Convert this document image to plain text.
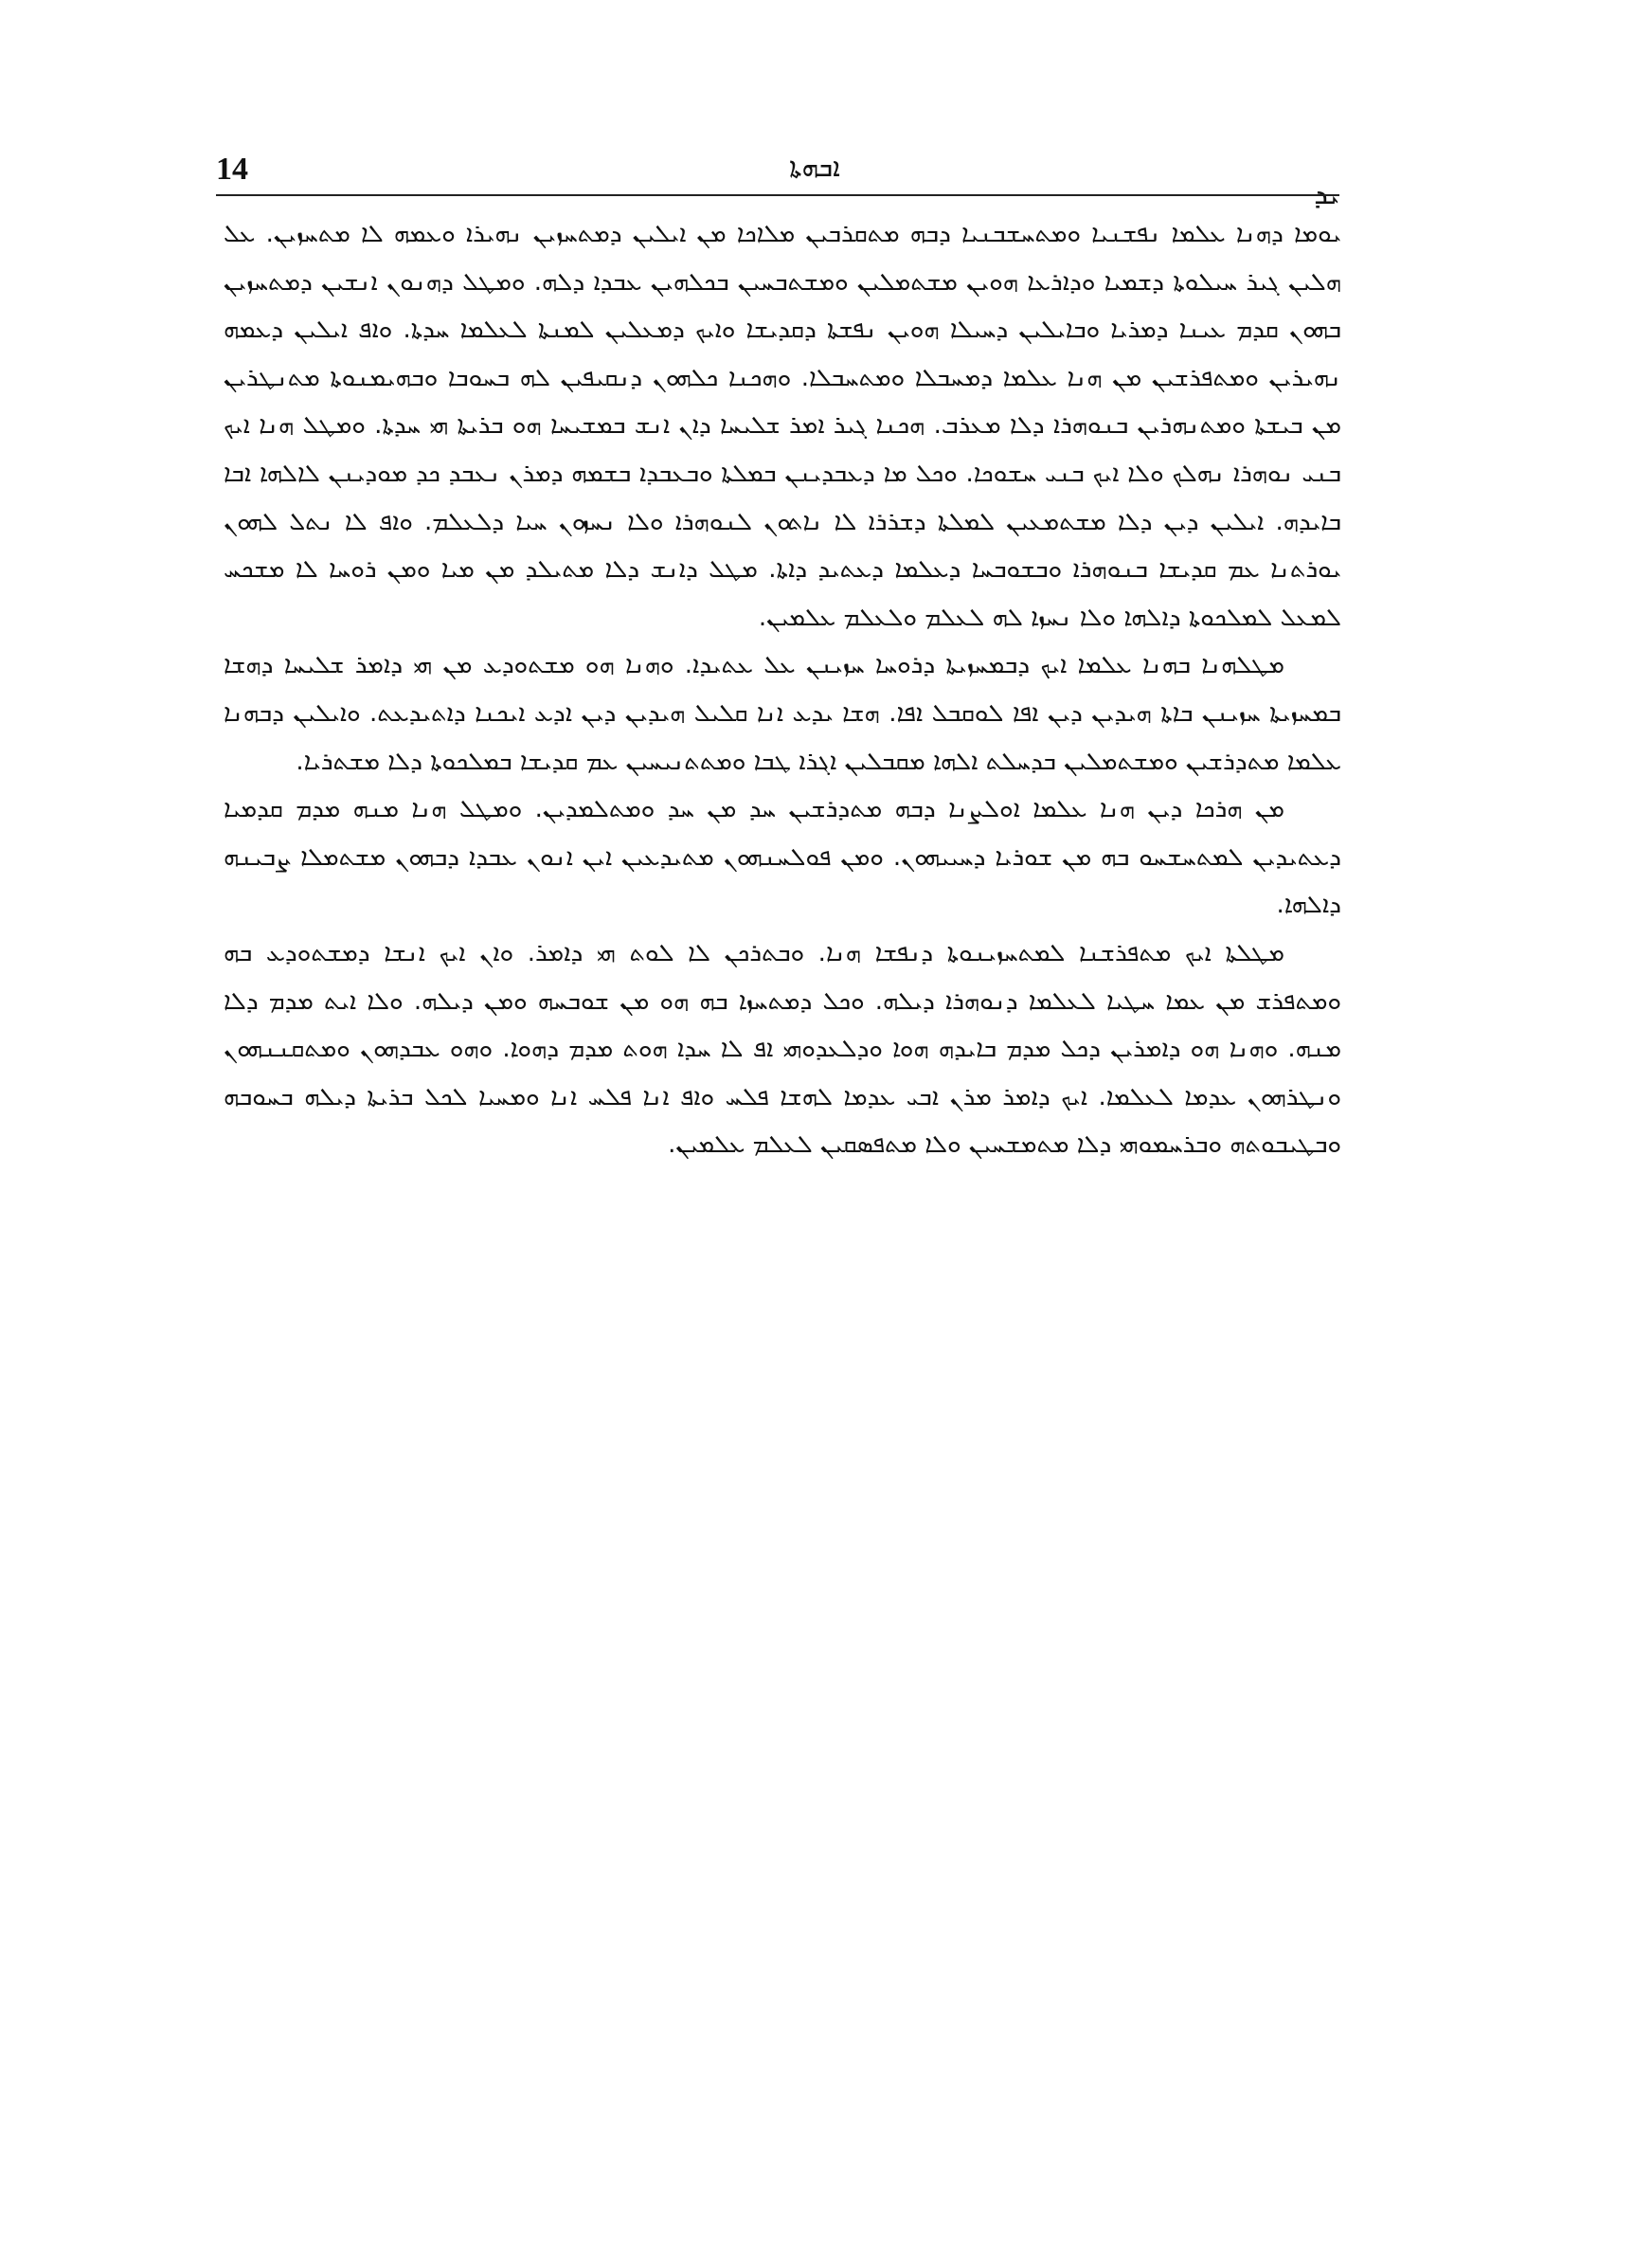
14	ܐܒܗܬܐ
ܝܕ

ܝܘܡܐ ܕܗܢܐ ܥܠܡܐ ܢܦܫܢܝܐ ܘܡܬܚܫܒܢܝܐ ܕܒܗ ܡܬܩܪܒܝܢ ܡܠܐܟܐ ܡܢ ܐܝܠܝܢ ܕܡܬܚܙܝܢ ܢܗܝܪܐ ܘܥܡܗ ܠܐ ܡܬܚܙܝܢ. ܥܠ ܗܠܝܢ ܓܝܪ ܚܝܠܘܬܐ ܕܫܡܝܐ ܘܕܐܪܥܐ ܗܘܝܢ ܡܫܬܡܠܝܢ ܘܡܫܬܒܚܝܢ ܒܟܠܗܝܢ ܥܒܕܐ ܕܠܗ. ܘܡܛܠ ܕܗܢܘܢ ܐܢܫܝܢ ܕܡܬܚܙܝܢ ܒܗܘܢ ܩܕܡ ܥܝܢܐ ܕܡܪܝܐ ܘܒܐܝܠܝܢ ܕܚܝܠܐ ܗܘܝܢ ܢܦܫܬܐ ܕܩܕܝܫܐ ܘܐܝܟ ܕܡܥܠܝܢ ܠܡܢܬܐ ܠܥܠܡܐ ܚܕܬܐ. ܘܐܦ ܐܝܠܝܢ ܕܥܡܗ ܢܗܝܪܝܢ ܘܡܬܦܪܫܝܢ ܡܢ ܗܢܐ ܥܠܡܐ ܕܡܚܒܠܐ ܘܡܬܚܒܠܐ. ܘܗܟܢܐ ܟܠܗܘܢ ܕܢܩܝܦܝܢ ܠܗ ܒܚܘܒܐ ܘܒܗܝܡܢܘܬܐ ܡܬܢܛܪܝܢ ܡܢ ܒܝܫܬܐ ܘܡܬܢܗܪܝܢ ܒܢܘܗܪܐ ܕܠܐ ܡܥܪܒ. ܗܟܢܐ ܓܝܪ ܐܡܪ ܫܠܝܚܐ ܕܐܢ ܐܢܫ ܒܡܫܝܚܐ ܗܘ ܒܪܝܬܐ ܗܝ ܚܕܬܐ. ܘܡܛܠ ܗܢܐ ܐܝܟ ܒܢܝ ܢܘܗܪܐ ܢܗܠܟ ܘܠܐ ܐܝܟ ܒܢܝ ܚܫܘܟܐ. ܘܟܠ ܡܐ ܕܥܒܕܝܢܢ ܒܡܠܬܐ ܘܒܥܒܕܐ ܒܫܡܗ ܕܡܪܢ ܢܥܒܕ ܟܕ ܡܘܕܝܢܢ ܠܐܠܗܐ ܐܒܐ ܒܐܝܕܗ. ܐܝܠܝܢ ܕܝܢ ܕܠܐ ܡܫܬܡܥܝܢ ܠܡܠܬܐ ܕܫܪܪܐ ܠܐ ܢܐܬܘܢ ܠܢܘܗܪܐ ܘܠܐ ܢܚܙܘܢ ܚܝܐ ܕܠܥܠܡ. ܘܐܦ ܠܐ ܢܬܠ ܠܗܘܢ ܝܘܪܬܢܐ ܥܡ ܩܕܝܫܐ ܒܢܘܗܪܐ ܘܒܫܘܒܚܐ ܕܥܠܡܐ ܕܥܬܝܕ ܕܐܬܐ. ܡܛܠ ܕܐܢܫ ܕܠܐ ܡܬܝܠܕ ܡܢ ܡܝܐ ܘܡܢ ܪܘܚܐ ܠܐ ܡܫܟܚ ܠܡܥܠ ܠܡܠܟܘܬܐ ܕܐܠܗܐ ܘܠܐ ܢܚܙܐ ܠܗ ܠܥܠܡ ܘܠܥܠܡ ܥܠܡܝܢ.

ܡܛܠܗܢܐ ܒܗܢܐ ܥܠܡܐ ܐܝܟ ܕܒܡܚܙܝܬܐ ܕܪܘܚܐ ܚܙܝܢܢ ܥܠ ܥܬܝܕܐ. ܘܗܢܐ ܗܘ ܡܫܬܘܕܥ ܡܢ ܗܝ ܕܐܡܪ ܫܠܝܚܐ ܕܗܫܐ ܒܡܚܙܝܬܐ ܚܙܝܢܢ ܒܐܬܐ ܗܝܕܝܢ ܕܝܢ ܐܦܐ ܠܘܩܒܠ ܐܦܐ. ܗܫܐ ܝܕܥ ܐܢܐ ܩܠܝܠ ܗܝܕܝܢ ܕܝܢ ܐܕܥ ܐܝܟܢܐ ܕܐܬܝܕܥܬ. ܘܐܝܠܝܢ ܕܒܗܢܐ ܥܠܡܐ ܡܬܕܪܫܝܢ ܘܡܫܬܡܠܝܢ ܒܕܚܠܬ ܐܠܗܐ ܡܩܒܠܝܢ ܐܓܪܐ ܛܒܐ ܘܡܬܬܢܝܚܝܢ ܥܡ ܩܕܝܫܐ ܒܡܠܟܘܬܐ ܕܠܐ ܡܫܬܪܝܐ.

ܡܢ ܗܪܟܐ ܕܝܢ ܗܢܐ ܥܠܡܐ ܐܘܠܨܢܐ ܕܒܗ ܡܬܕܪܫܝܢ ܚܕ ܡܢ ܚܕ ܘܡܬܠܡܕܝܢ. ܘܡܛܠ ܗܢܐ ܡܢܗ ܡܕܡ ܩܕܡܝܐ ܕܥܬܝܕܝܢ ܠܡܬܚܫܚܘ ܒܗ ܡܢ ܫܘܪܝܐ ܕܚܝܝܗܘܢ. ܘܡܢ ܦܘܠܚܢܗܘܢ ܡܬܝܕܥܝܢ ܐܝܢ ܐܢܘܢ ܥܒܕܐ ܕܒܗܘܢ ܡܫܬܡܠܐ ܨܒܝܢܗ ܕܐܠܗܐ.

ܡܛܠܬܐ ܐܝܟ ܡܬܦܪܫܢܐ ܠܡܬܚܙܝܢܘܬܐ ܕܢܦܫܐ ܗܢܐ. ܘܒܬܪܟܢ ܠܐ ܠܘܬ ܗܝ ܕܐܡܪ. ܘܐܢ ܐܝܟ ܐܢܫܐ ܕܡܫܬܘܕܥ ܒܗ ܘܡܬܦܪܫ ܡܢ ܥܡܐ ܚܛܝܐ ܠܥܠܡܐ ܕܢܘܗܪܐ ܕܝܠܗ. ܘܟܠ ܕܡܬܚܙܐ ܒܗ ܗܘ ܡܢ ܫܘܒܚܗ ܘܡܢ ܕܝܠܗ. ܘܠܐ ܐܝܬ ܡܕܡ ܕܠܐ ܡܢܗ. ܘܗܢܐ ܗܘ ܕܐܡܪܝܢ ܕܟܠ ܡܕܡ ܒܐܝܕܗ ܗܘܐ ܘܕܠܥܕܘܗܝ ܐܦ ܠܐ ܚܕܐ ܗܘܬ ܡܕܡ ܕܗܘܐ. ܘܗܘ ܥܒܕܗܘܢ ܘܡܬܩܢܢܗܘܢ ܘܢܛܪܗܘܢ ܥܕܡܐ ܠܥܠܡܐ. ܐܝܟ ܕܐܡܪ ܡܪܢ ܐܒܝ ܥܕܡܐ ܠܗܫܐ ܦܠܚ ܘܐܦ ܐܢܐ ܦܠܚ ܐܢܐ ܘܡܚܝܐ ܠܟܠ ܒܪܝܬܐ ܕܝܠܗ ܒܚܘܒܗ ܘܒܛܝܒܘܬܗ ܘܒܪܚܡܘܗܝ ܕܠܐ ܡܬܡܫܚܝܢ ܘܠܐ ܡܬܦܣܩܝܢ ܠܥܠܡ ܥܠܡܝܢ.
